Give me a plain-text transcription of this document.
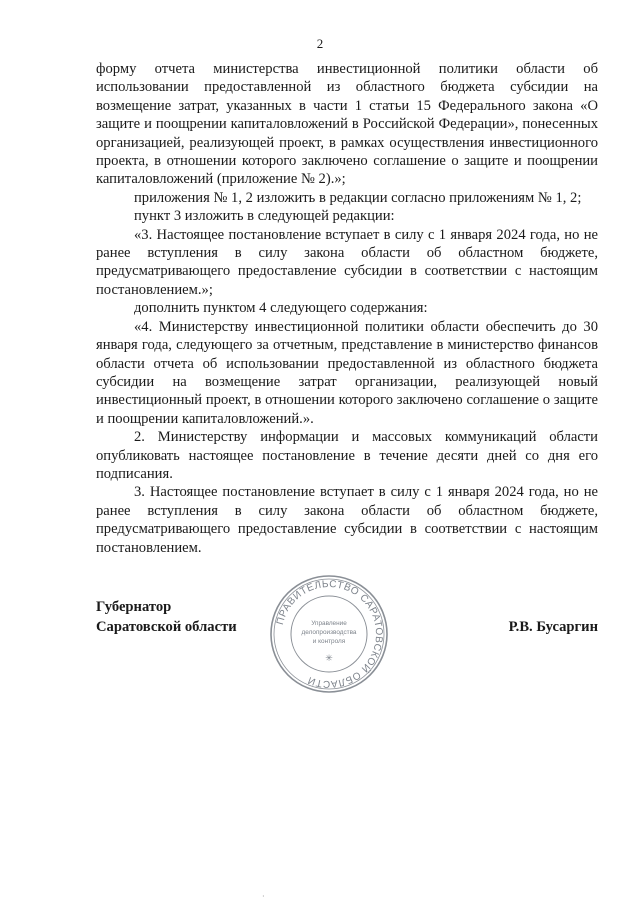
2

форму отчета министерства инвестиционной политики области об использовании предоставленной из областного бюджета субсидии на возмещение затрат, указанных в части 1 статьи 15 Федерального закона «О защите и поощрении капиталовложений в Российской Федерации», понесенных организацией, реализующей проект, в рамках осуществления инвестиционного проекта, в отношении которого заключено соглашение о защите и поощрении капиталовложений (приложение № 2).»;

приложения № 1, 2 изложить в редакции согласно приложениям № 1, 2;

пункт 3 изложить в следующей редакции:

«3. Настоящее постановление вступает в силу с 1 января 2024 года, но не ранее вступления в силу закона области об областном бюджете, предусматривающего предоставление субсидии в соответствии с настоящим постановлением.»;

дополнить пунктом 4 следующего содержания:

«4. Министерству инвестиционной политики области обеспечить до 30 января года, следующего за отчетным, представление в министерство финансов области отчета об использовании предоставленной из областного бюджета субсидии на возмещение затрат организации, реализующей новый инвестиционный проект, в отношении которого заключено соглашение о защите и поощрении капиталовложений.».

2. Министерству информации и массовых коммуникаций области опубликовать настоящее постановление в течение десяти дней со дня его подписания.

3. Настоящее постановление вступает в силу с 1 января 2024 года, но не ранее вступления в силу закона области об областном бюджете, предусматривающего предоставление субсидии в соответствии с настоящим постановлением.

Губернатор
Саратовской области	Р.В. Бусаргин
ПРАВИТЕЛЬСТВО САРАТОВСКОЙ ОБЛАСТИ
Управление
делопроизводства
и контроля
✳
·
